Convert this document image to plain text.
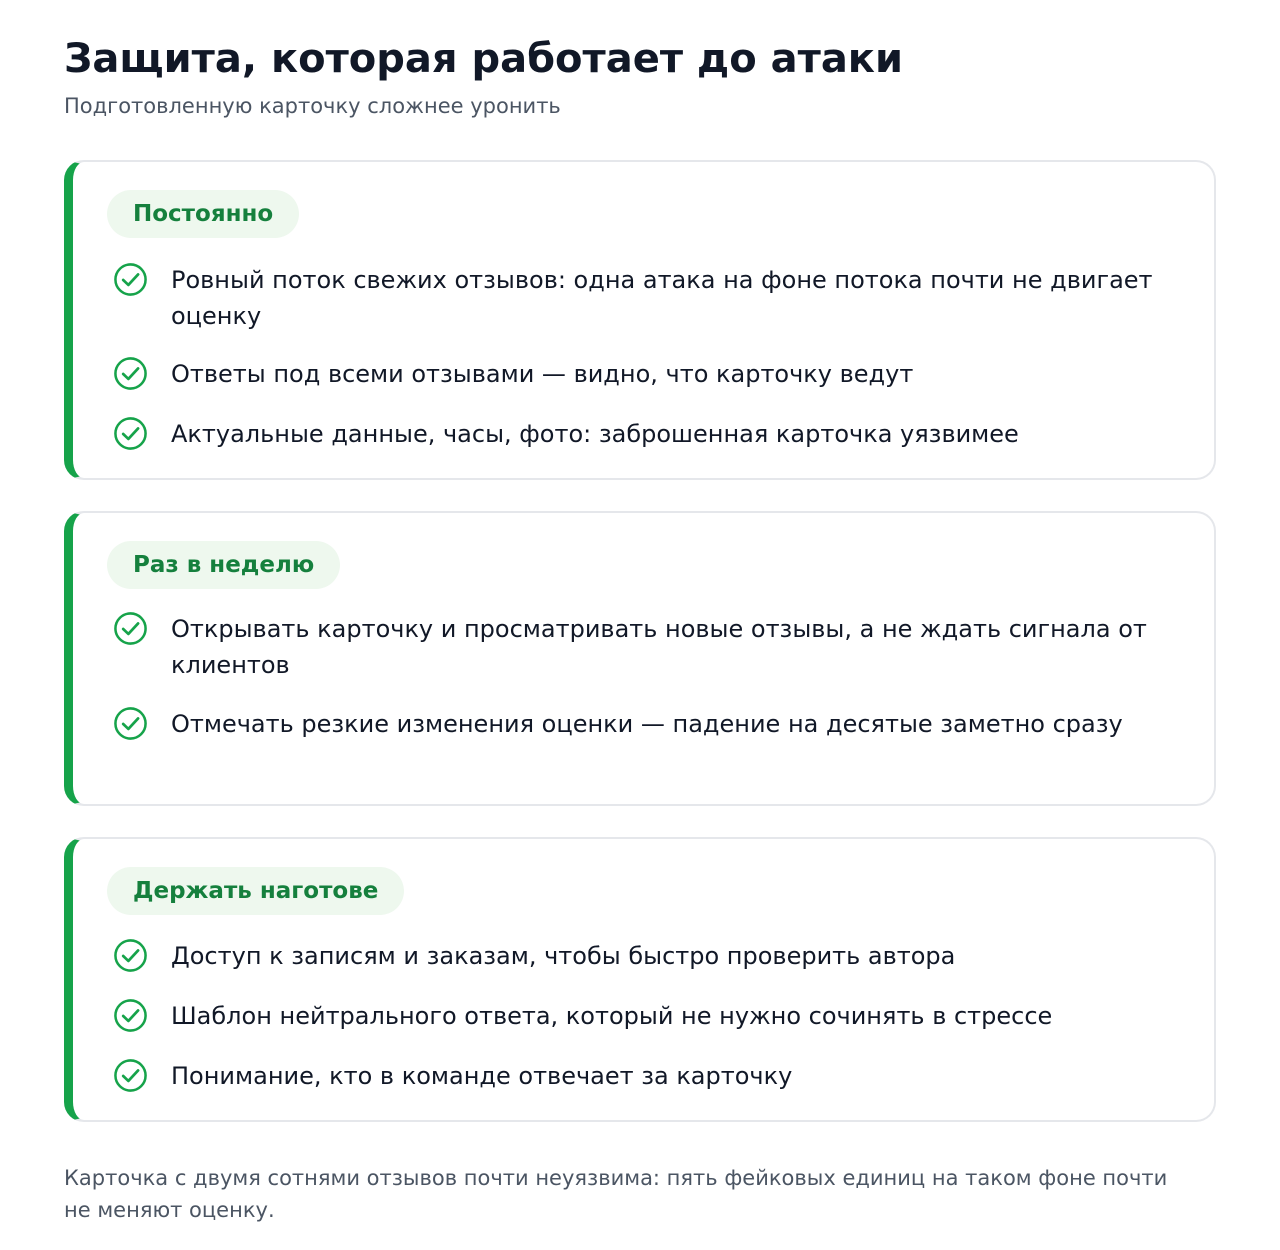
Защита, которая работает до атаки
Подготовленную карточку сложнее уронить
Постоянно
Ровный поток свежих отзывов: одна атака на фоне потока почти не двигает оценку
Ответы под всеми отзывами — видно, что карточку ведут
Актуальные данные, часы, фото: заброшенная карточка уязвимее
Раз в неделю
Открывать карточку и просматривать новые отзывы, а не ждать сигнала от клиентов
Отмечать резкие изменения оценки — падение на десятые заметно сразу
Держать наготове
Доступ к записям и заказам, чтобы быстро проверить автора
Шаблон нейтрального ответа, который не нужно сочинять в стрессе
Понимание, кто в команде отвечает за карточку
Карточка с двумя сотнями отзывов почти неуязвима: пять фейковых единиц на таком фоне почти не меняют оценку.
